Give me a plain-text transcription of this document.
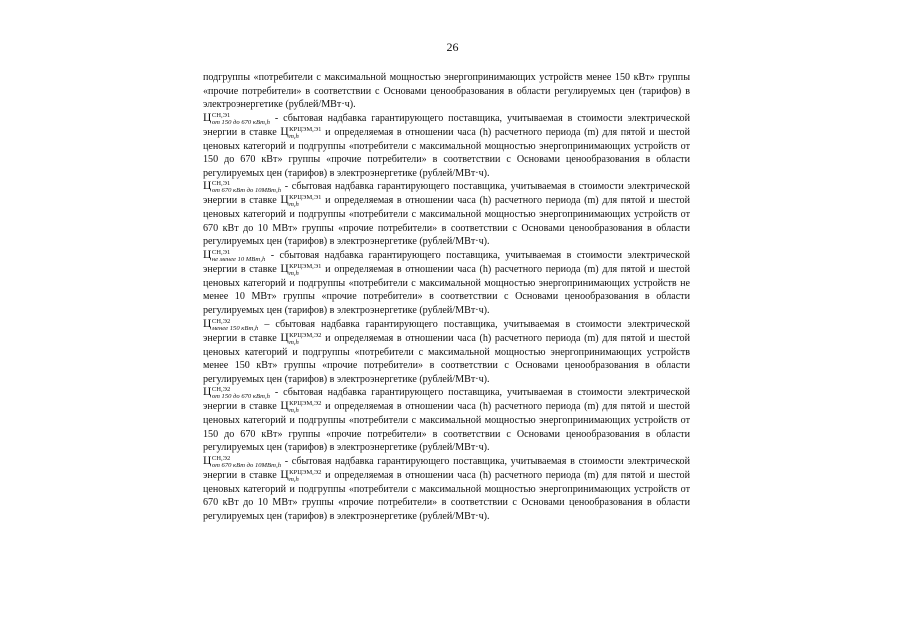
26

подгруппы «потребители с максимальной мощностью энергопринимающих устройств менее 150 кВт» группы «прочие потребители» в соответствии с Основами ценообразования в области регулируемых цен (тарифов) в электроэнергетике (рублей/МВт·ч).

Ц СН,Э1
от 150 до 670 кВт,h - сбытовая надбавка гарантирующего поставщика, учитываемая в стоимости электрической энергии в ставке Ц КРЦЭМ,Э1
m,h	и определяемая в отношении часа (h) расчетного периода (m) для пятой и шестой ценовых категорий и подгруппы «потребители с максимальной мощностью энергопринимающих устройств от 150 до 670 кВт» группы «прочие потребители» в соответствии с Основами ценообразования в области регулируемых цен (тарифов) в электроэнергетике (рублей/МВт·ч).

Ц СН,Э1
от 670 кВт до 10МВт,h - сбытовая надбавка гарантирующего поставщика, учитываемая в стоимости электрической энергии в ставке Ц КРЦЭМ,Э1
m,h	и определяемая в отношении часа (h) расчетного периода (m) для пятой и шестой ценовых категорий и подгруппы «потребители с максимальной мощностью энергопринимающих устройств от 670 кВт до 10 МВт» группы «прочие потребители» в соответствии с Основами ценообразования в области регулируемых цен (тарифов) в электроэнергетике (рублей/МВт·ч).

Ц СН,Э1
не менее 10 МВт,h - сбытовая надбавка гарантирующего поставщика, учитываемая в стоимости электрической энергии в ставке Ц КРЦЭМ,Э1
m,h	и определяемая в отношении часа (h) расчетного периода (m) для пятой и шестой ценовых категорий и подгруппы «потребители с максимальной мощностью энергопринимающих устройств не менее 10 МВт» группы «прочие потребители» в соответствии с Основами ценообразования в области регулируемых цен (тарифов) в электроэнергетике (рублей/МВт·ч).

Ц СН,Э2
менее 150 кВт,h – сбытовая надбавка гарантирующего поставщика, учитываемая в стоимости электрической энергии в ставке Ц КРЦЭМ,Э2
m,h	и определяемая в отношении часа (h) расчетного периода (m) для пятой и шестой ценовых категорий и подгруппы «потребители с максимальной мощностью энергопринимающих устройств менее 150 кВт» группы «прочие потребители» в соответствии с Основами ценообразования в области регулируемых цен (тарифов) в электроэнергетике (рублей/МВт·ч).

Ц СН,Э2
от 150 до 670 кВт,h - сбытовая надбавка гарантирующего поставщика, учитываемая в стоимости электрической энергии в ставке Ц КРЦЭМ,Э2
m,h	и определяемая в отношении часа (h) расчетного периода (m) для пятой и шестой ценовых категорий и подгруппы «потребители с максимальной мощностью энергопринимающих устройств от 150 до 670 кВт» группы «прочие потребители» в соответствии с Основами ценообразования в области регулируемых цен (тарифов) в электроэнергетике (рублей/МВт·ч).

Ц СН,Э2
от 670 кВт до 10МВт,h - сбытовая надбавка гарантирующего поставщика, учитываемая в стоимости электрической энергии в ставке Ц КРЦЭМ,Э2
m,h	и определяемая в отношении часа (h) расчетного периода (m) для пятой и шестой ценовых категорий и подгруппы «потребители с максимальной мощностью энергопринимающих устройств от 670 кВт до 10 МВт» группы «прочие потребители» в соответствии с Основами ценообразования в области регулируемых цен (тарифов) в электроэнергетике (рублей/МВт·ч).
